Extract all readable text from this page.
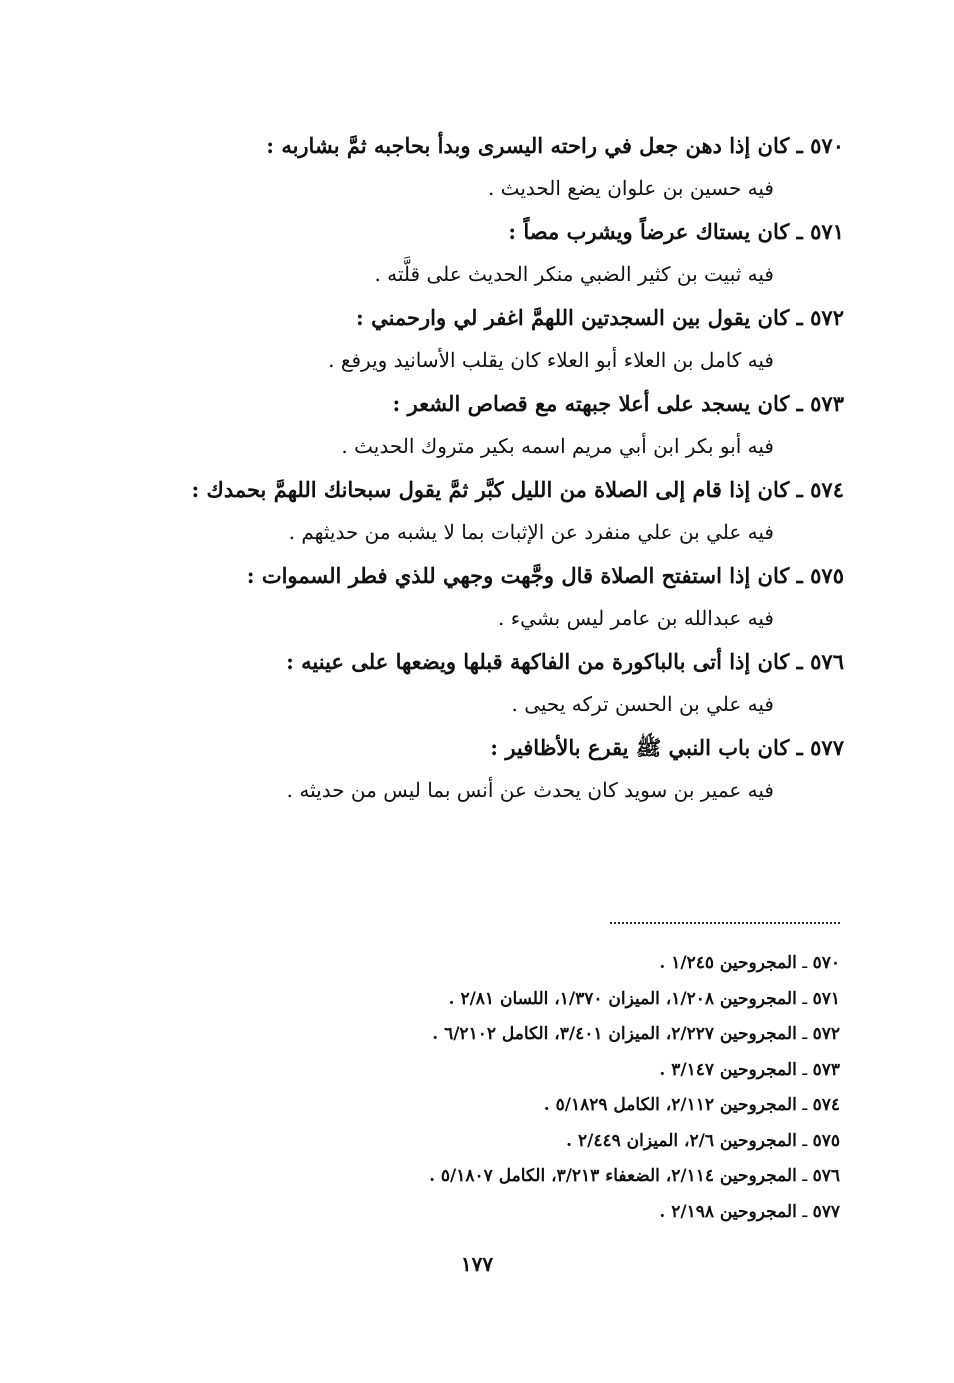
٥٧٠ ـ كان إذا دهن جعل في راحته اليسرى وبدأ بحاجبه ثمَّ بشاربه :
فيه حسين بن علوان يضع الحديث .
٥٧١ ـ كان يستاك عرضاً ويشرب مصاً :
فيه ثبيت بن كثير الضبي منكر الحديث على قلَّته .
٥٧٢ ـ كان يقول بين السجدتين اللهمَّ اغفر لي وارحمني :
فيه كامل بن العلاء أبو العلاء كان يقلب الأسانيد ويرفع .
٥٧٣ ـ كان يسجد على أعلا جبهته مع قصاص الشعر :
فيه أبو بكر ابن أبي مريم اسمه بكير متروك الحديث .
٥٧٤ ـ كان إذا قام إلى الصلاة من الليل كبَّر ثمَّ يقول سبحانك اللهمَّ بحمدك :
فيه علي بن علي منفرد عن الإثبات بما لا يشبه من حديثهم .
٥٧٥ ـ كان إذا استفتح الصلاة قال وجَّهت وجهي للذي فطر السموات :
فيه عبدالله بن عامر ليس بشيء .
٥٧٦ ـ كان إذا أتى بالباكورة من الفاكهة قبلها ويضعها على عينيه :
فيه علي بن الحسن تركه يحيى .
٥٧٧ ـ كان باب النبي ﷺ يقرع بالأظافير :
فيه عمير بن سويد كان يحدث عن أنس بما ليس من حديثه .
٥٧٠ ـ المجروحين ١/٢٤٥ .
٥٧١ ـ المجروحين ١/٢٠٨، الميزان ١/٣٧٠، اللسان ٢/٨١ .
٥٧٢ ـ المجروحين ٢/٢٢٧، الميزان ٣/٤٠١، الكامل ٦/٢١٠٢ .
٥٧٣ ـ المجروحين ٣/١٤٧ .
٥٧٤ ـ المجروحين ٢/١١٢، الكامل ٥/١٨٢٩ .
٥٧٥ ـ المجروحين ٢/٦، الميزان ٢/٤٤٩ .
٥٧٦ ـ المجروحين ٢/١١٤، الضعفاء ٣/٢١٣، الكامل ٥/١٨٠٧ .
٥٧٧ ـ المجروحين ٢/١٩٨ .
١٧٧
